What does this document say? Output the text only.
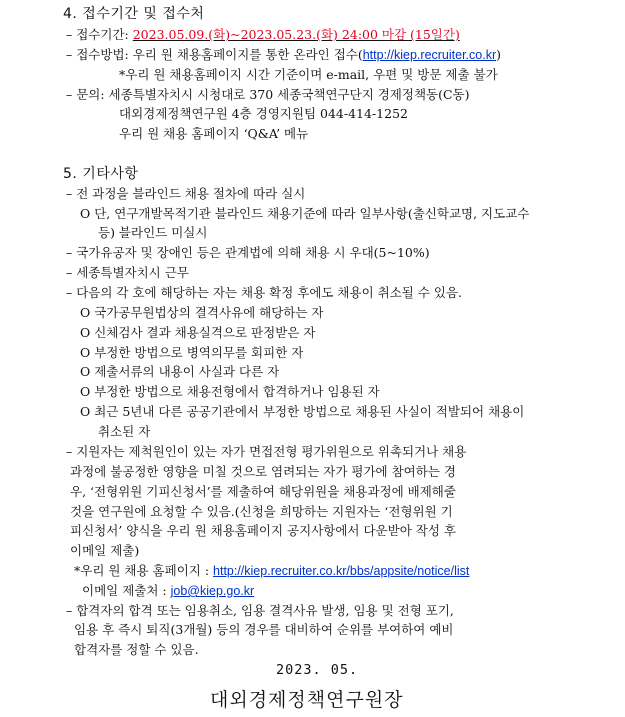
4. 접수기간 및 접수처
– 접수기간: 2023.05.09.(화)~2023.05.23.(화) 24:00 마감 (15일간)
– 접수방법: 우리 원 채용홈페이지를 통한 온라인 접수(http://kiep.recruiter.co.kr)
*우리 원 채용홈페이지 시간 기준이며 e-mail, 우편 및 방문 제출 불가
– 문의: 세종특별자치시 시청대로 370 세종국책연구단지 경제정책동(C동)
대외경제정책연구원 4층 경영지원팀 044-414-1252
우리 원 채용 홈페이지 ‘Q&A’ 메뉴
5. 기타사항
– 전 과정을 블라인드 채용 절차에 따라 실시
O 단, 연구개발목적기관 블라인드 채용기준에 따라 일부사항(출신학교명, 지도교수
등) 블라인드 미실시
– 국가유공자 및 장애인 등은 관계법에 의해 채용 시 우대(5~10%)
– 세종특별자치시 근무
– 다음의 각 호에 해당하는 자는 채용 확정 후에도 채용이 취소될 수 있음.
O 국가공무원법상의 결격사유에 해당하는 자
O 신체검사 결과 채용실격으로 판정받은 자
O 부정한 방법으로 병역의무를 회피한 자
O 제출서류의 내용이 사실과 다른 자
O 부정한 방법으로 채용전형에서 합격하거나 임용된 자
O 최근 5년내 다른 공공기관에서 부정한 방법으로 채용된 사실이 적발되어 채용이
취소된 자
– 지원자는 제척원인이 있는 자가 면접전형 평가위원으로 위촉되거나 채용
과정에 불공정한 영향을 미칠 것으로 염려되는 자가 평가에 참여하는 경
우, ‘전형위원 기피신청서’를 제출하여 해당위원을 채용과정에 배제해줄
것을 연구원에 요청할 수 있음.(신청을 희망하는 지원자는 ‘전형위원 기
피신청서’ 양식을 우리 원 채용홈페이지 공지사항에서 다운받아 작성 후
이메일 제출)
*우리 원 채용 홈페이지 : http://kiep.recruiter.co.kr/bbs/appsite/notice/list
이메일 제출처 : job@kiep.go.kr
– 합격자의 합격 또는 임용취소, 임용 결격사유 발생, 임용 및 전형 포기,
임용 후 즉시 퇴직(3개월) 등의 경우를 대비하여 순위를 부여하여 예비
합격자를 정할 수 있음.
2023. 05.
대외경제정책연구원장
